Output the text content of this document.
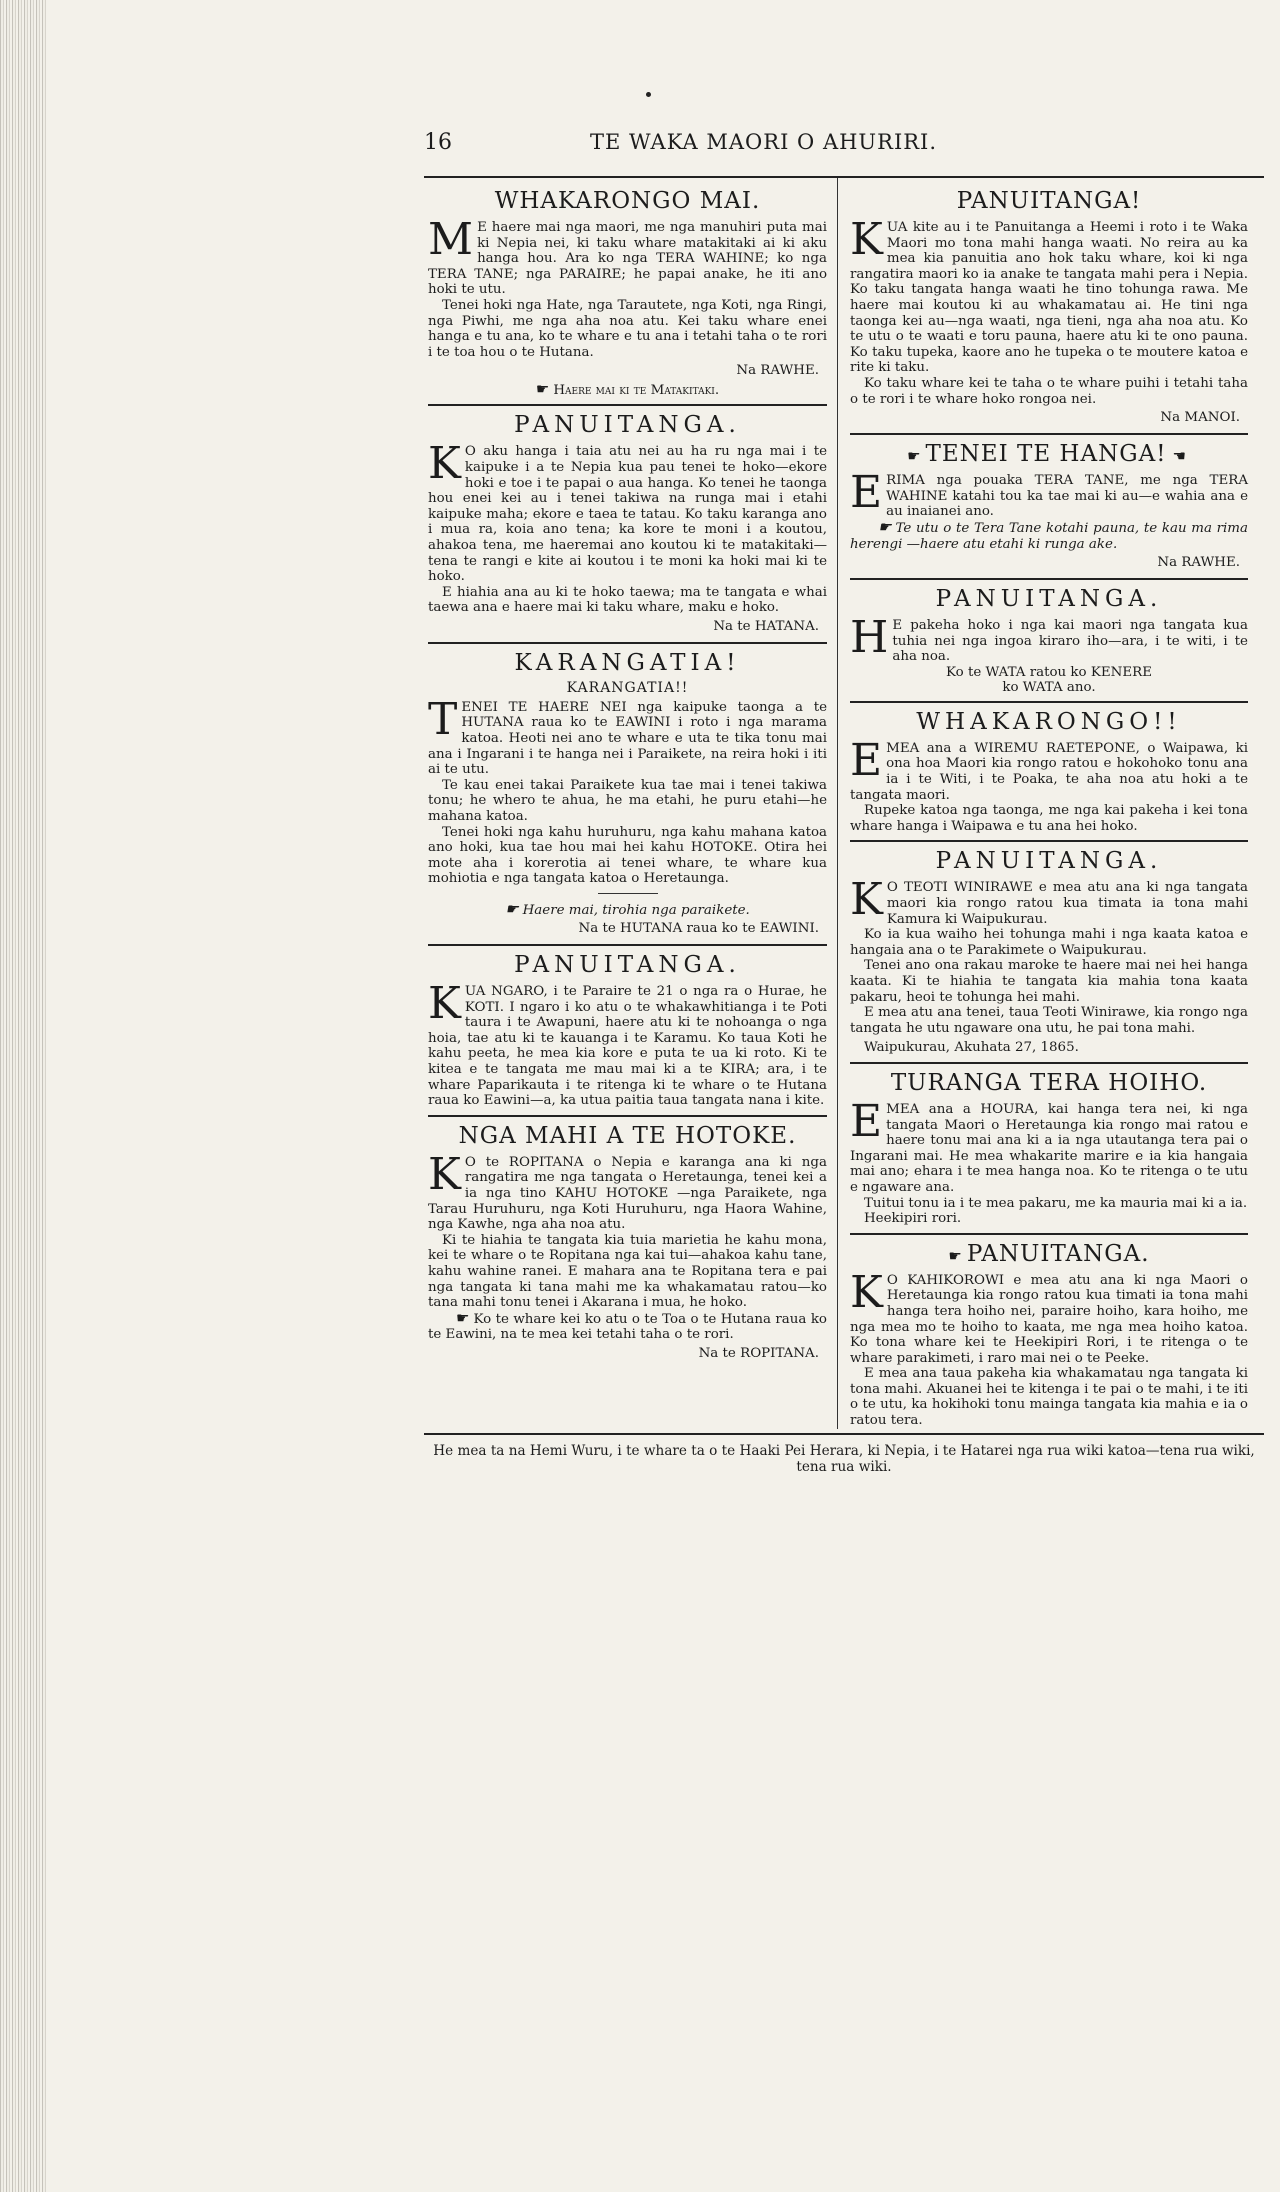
16	TE WAKA MAORI O AHURIRI.
WHAKARONGO MAI.

M E haere mai nga maori, me nga manuhiri puta mai ki Nepia nei, ki taku whare matakitaki ai ki aku hanga hou. Ara ko nga TERA WAHINE; ko nga TERA TANE; nga PARAIRE; he papai anake, he iti ano hoki te utu.

Tenei hoki nga Hate, nga Tarautete, nga Koti, nga Ringi, nga Piwhi, me nga aha noa atu. Kei taku whare enei hanga e tu ana, ko te whare e tu ana i tetahi taha o te rori i te toa hou o te Hutana.

Na RAWHE.
☛ Haere mai ki te Matakitaki.
PANUITANGA.

K O aku hanga i taia atu nei au ha ru nga mai i te kaipuke i a te Nepia kua pau tenei te hoko—ekore hoki e toe i te papai o aua hanga. Ko tenei he taonga hou enei kei au i tenei takiwa na runga mai i etahi kaipuke maha; ekore e taea te tatau. Ko taku karanga ano i mua ra, koia ano tena; ka kore te moni i a koutou, ahakoa tena, me haeremai ano koutou ki te matakitaki—tena te rangi e kite ai koutou i te moni ka hoki mai ki te hoko.

E hiahia ana au ki te hoko taewa; ma te tangata e whai taewa ana e haere mai ki taku whare, maku e hoko.

Na te HATANA.
KARANGATIA!
KARANGATIA!!

TENEI TE HAERE NEI nga kaipuke taonga a te HUTANA raua ko te EAWINI i roto i nga marama katoa. Heoti nei ano te whare e uta te tika tonu mai ana i Ingarani i te hanga nei i Paraikete, na reira hoki i iti ai te utu.

Te kau enei takai Paraikete kua tae mai i tenei takiwa tonu; he whero te ahua, he ma etahi, he puru etahi—he mahana katoa.

Tenei hoki nga kahu huruhuru, nga kahu mahana katoa ano hoki, kua tae hou mai hei kahu HOTOKE. Otira hei mote aha i korerotia ai tenei whare, te whare kua mohiotia e nga tangata katoa o Heretaunga.

☛ Haere mai, tirohia nga paraikete.
Na te HUTANA raua ko te EAWINI.
PANUITANGA.

KUA NGARO, i te Paraire te 21 o nga ra o Hurae, he KOTI. I ngaro i ko atu o te whakawhitianga i te Poti taura i te Awapuni, haere atu ki te nohoanga o nga hoia, tae atu ki te kauanga i te Karamu. Ko taua Koti he kahu peeta, he mea kia kore e puta te ua ki roto. Ki te kitea e te tangata me mau mai ki a te KIRA; ara, i te whare Paparikauta i te ritenga ki te whare o te Hutana raua ko Eawini—a, ka utua paitia taua tangata nana i kite.

NGA MAHI A TE HOTOKE.

K O te ROPITANA o Nepia e karanga ana ki nga rangatira me nga tangata o Heretaunga, tenei kei a ia nga tino KAHU HOTOKE —nga Paraikete, nga Tarau Huruhuru, nga Koti Huruhuru, nga Haora Wahine, nga Kawhe, nga aha noa atu.

Ki te hiahia te tangata kia tuia marietia he kahu mona, kei te whare o te Ropitana nga kai tui—ahakoa kahu tane, kahu wahine ranei. E mahara ana te Ropitana tera e pai nga tangata ki tana mahi me ka whakamatau ratou—ko tana mahi tonu tenei i Akarana i mua, he hoko.

☛ Ko te whare kei ko atu o te Toa o te Hutana raua ko te Eawini, na te mea kei tetahi taha o te rori.

Na te ROPITANA.
PANUITANGA!

KUA kite au i te Panuitanga a Heemi i roto i te Waka Maori mo tona mahi hanga waati. No reira au ka mea kia panuitia ano hok taku whare, koi ki nga rangatira maori ko ia anake te tangata mahi pera i Nepia. Ko taku tangata hanga waati he tino tohunga rawa. Me haere mai koutou ki au whakamatau ai. He tini nga taonga kei au—nga waati, nga tieni, nga aha noa atu. Ko te utu o te waati e toru pauna, haere atu ki te ono pauna. Ko taku tupeka, kaore ano he tupeka o te moutere katoa e rite ki taku.

Ko taku whare kei te taha o te whare puihi i tetahi taha o te rori i te whare hoko rongoa nei.

Na MANOI.
☛ TENEI TE HANGA! ☚

ERIMA nga pouaka TERA TANE, me nga TERA WAHINE katahi tou ka tae mai ki au—e wahia ana e au inaianei ano.

☛ Te utu o te Tera Tane kotahi pauna, te kau ma rima herengi —haere atu etahi ki runga ake.

Na RAWHE.
PANUITANGA.

H E pakeha hoko i nga kai maori nga tangata kua tuhia nei nga ingoa kiraro iho—ara, i te witi, i te aha noa.

Ko te WATA ratou ko KENERE
ko WATA ano.
WHAKARONGO!!

EMEA ana a WIREMU RAETEPONE, o Waipawa, ki ona hoa Maori kia rongo ratou e hokohoko tonu ana ia i te Witi, i te Poaka, te aha noa atu hoki a te tangata maori.

Rupeke katoa nga taonga, me nga kai pakeha i kei tona whare hanga i Waipawa e tu ana hei hoko.

PANUITANGA.

K O TEOTI WINIRAWE e mea atu ana ki nga tangata maori kia rongo ratou kua timata ia tona mahi Kamura ki Waipukurau.

Ko ia kua waiho hei tohunga mahi i nga kaata katoa e hangaia ana o te Parakimete o Waipukurau.

Tenei ano ona rakau maroke te haere mai nei hei hanga kaata. Ki te hiahia te tangata kia mahia tona kaata pakaru, heoi te tohunga hei mahi.

E mea atu ana tenei, taua Teoti Winirawe, kia rongo nga tangata he utu ngaware ona utu, he pai tona mahi.

Waipukurau, Akuhata 27, 1865.

TURANGA TERA HOIHO.

EMEA ana a HOURA, kai hanga tera nei, ki nga tangata Maori o Heretaunga kia rongo mai ratou e haere tonu mai ana ki a ia nga utautanga tera pai o Ingarani mai. He mea whakarite marire e ia kia hangaia mai ano; ehara i te mea hanga noa. Ko te ritenga o te utu e ngaware ana.

Tuitui tonu ia i te mea pakaru, me ka mauria mai ki a ia.

Heekipiri rori.

☛ PANUITANGA.

K O KAHIKOROWI e mea atu ana ki nga Maori o Heretaunga kia rongo ratou kua timati ia tona mahi hanga tera hoiho nei, paraire hoiho, kara hoiho, me nga mea mo te hoiho to kaata, me nga mea hoiho katoa. Ko tona whare kei te Heekipiri Rori, i te ritenga o te whare parakimeti, i raro mai nei o te Peeke.

E mea ana taua pakeha kia whakamatau nga tangata ki tona mahi. Akuanei hei te kitenga i te pai o te mahi, i te iti o te utu, ka hokihoki tonu mainga tangata kia mahia e ia o ratou tera.

He mea ta na Hemi Wuru, i te whare ta o te Haaki Pei Herara, ki Nepia, i te Hatarei nga rua wiki katoa—tena rua wiki, tena rua wiki.
